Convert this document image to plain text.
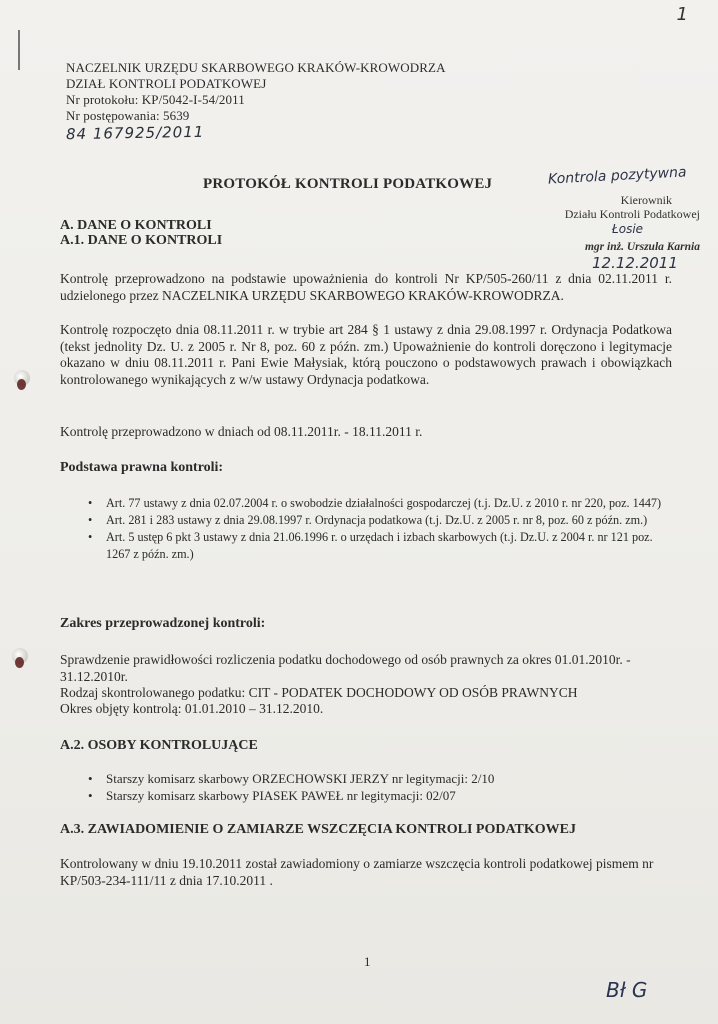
1
NACZELNIK URZĘDU SKARBOWEGO KRAKÓW-KROWODRZA
DZIAŁ KONTROLI PODATKOWEJ
Nr protokołu: KP/5042-I-54/2011
Nr postępowania: 5639
84 167925/2011
PROTOKÓŁ KONTROLI PODATKOWEJ	Kontrola pozytywna
Kierownik
Działu Kontroli Podatkowej
Łosie
mgr inż. Urszula Karnia
12.12.2011
A. DANE O KONTROLI
A.1. DANE O KONTROLI
Kontrolę przeprowadzono na podstawie upoważnienia do kontroli Nr KP/505-260/11 z dnia 02.11.2011 r. udzielonego przez NACZELNIKA URZĘDU SKARBOWEGO KRAKÓW-KROWODRZA.
Kontrolę rozpoczęto dnia 08.11.2011 r. w trybie art 284 § 1 ustawy z dnia 29.08.1997 r. Ordynacja Podatkowa (tekst jednolity Dz. U. z 2005 r. Nr 8, poz. 60 z późn. zm.) Upoważnienie do kontroli doręczono i legitymacje okazano w dniu 08.11.2011 r. Pani Ewie Małysiak, którą pouczono o podstawowych prawach i obowiązkach kontrolowanego wynikających z w/w ustawy Ordynacja podatkowa.
Kontrolę przeprowadzono w dniach od 08.11.2011r. - 18.11.2011 r.
Podstawa prawna kontroli:
• Art. 77 ustawy z dnia 02.07.2004 r. o swobodzie działalności gospodarczej (t.j. Dz.U. z 2010 r. nr 220, poz. 1447)
• Art. 281 i 283 ustawy z dnia 29.08.1997 r. Ordynacja podatkowa (t.j. Dz.U. z 2005 r. nr 8, poz. 60 z późn. zm.)
• Art. 5 ustęp 6 pkt 3 ustawy z dnia 21.06.1996 r. o urzędach i izbach skarbowych (t.j. Dz.U. z 2004 r. nr 121 poz. 1267 z późn. zm.)
Zakres przeprowadzonej kontroli:
Sprawdzenie prawidłowości rozliczenia podatku dochodowego od osób prawnych za okres 01.01.2010r. - 31.12.2010r.
Rodzaj skontrolowanego podatku: CIT - PODATEK DOCHODOWY OD OSÓB PRAWNYCH
Okres objęty kontrolą: 01.01.2010 – 31.12.2010.
A.2. OSOBY KONTROLUJĄCE
• Starszy komisarz skarbowy ORZECHOWSKI JERZY nr legitymacji: 2/10
• Starszy komisarz skarbowy PIASEK PAWEŁ nr legitymacji: 02/07
A.3. ZAWIADOMIENIE O ZAMIARZE WSZCZĘCIA KONTROLI PODATKOWEJ
Kontrolowany w dniu 19.10.2011 został zawiadomiony o zamiarze wszczęcia kontroli podatkowej pismem nr KP/503-234-111/11 z dnia 17.10.2011 .
1
Bł G
